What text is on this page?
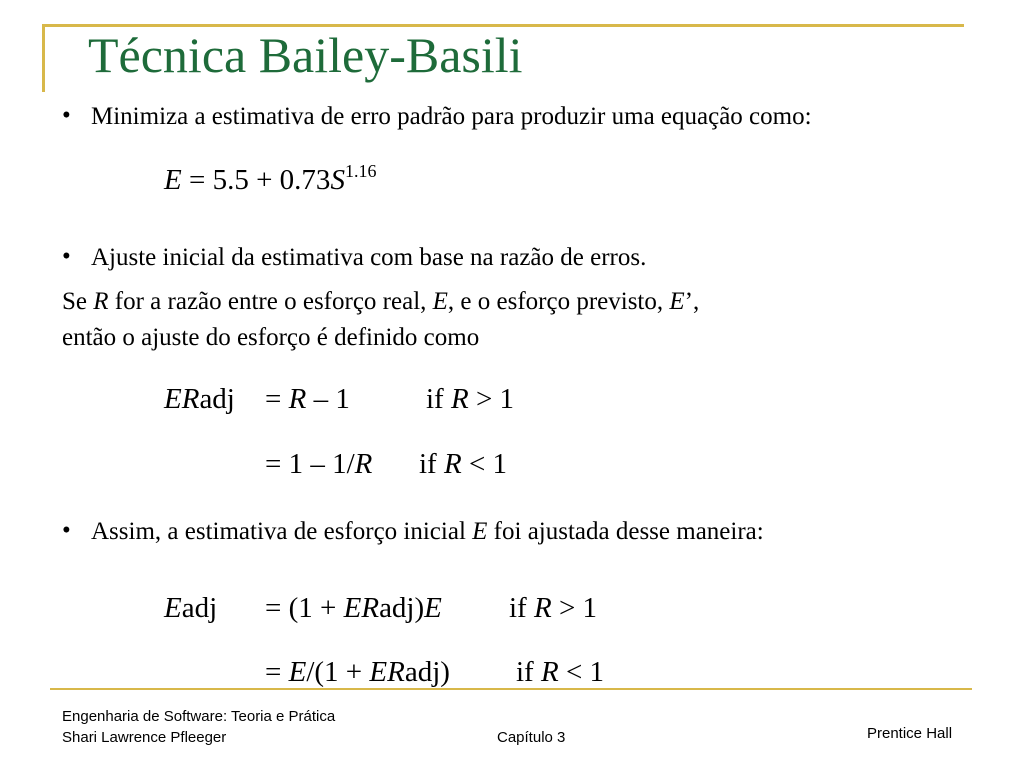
Técnica Bailey-Basili
• Minimiza a estimativa de erro padrão para produzir uma equação como:
$E = 5.5 + 0.73S^{1.16}$
• Ajuste inicial da estimativa com base na razão de erros.
Se R for a razão entre o esforço real, E, e o esforço previsto, E’,
então o ajuste do esforço é definido como
ERadj = R – 1	if R > 1
= 1 – 1/R if R < 1
• Assim, a estimativa de esforço inicial E foi ajustada desse maneira:
Eadj = (1 + ERadj)E if R > 1
= E/(1 + ERadj) if R < 1
Engenharia de Software: Teoria e Prática
Shari Lawrence Pfleeger	Capítulo 3	Prentice Hall
